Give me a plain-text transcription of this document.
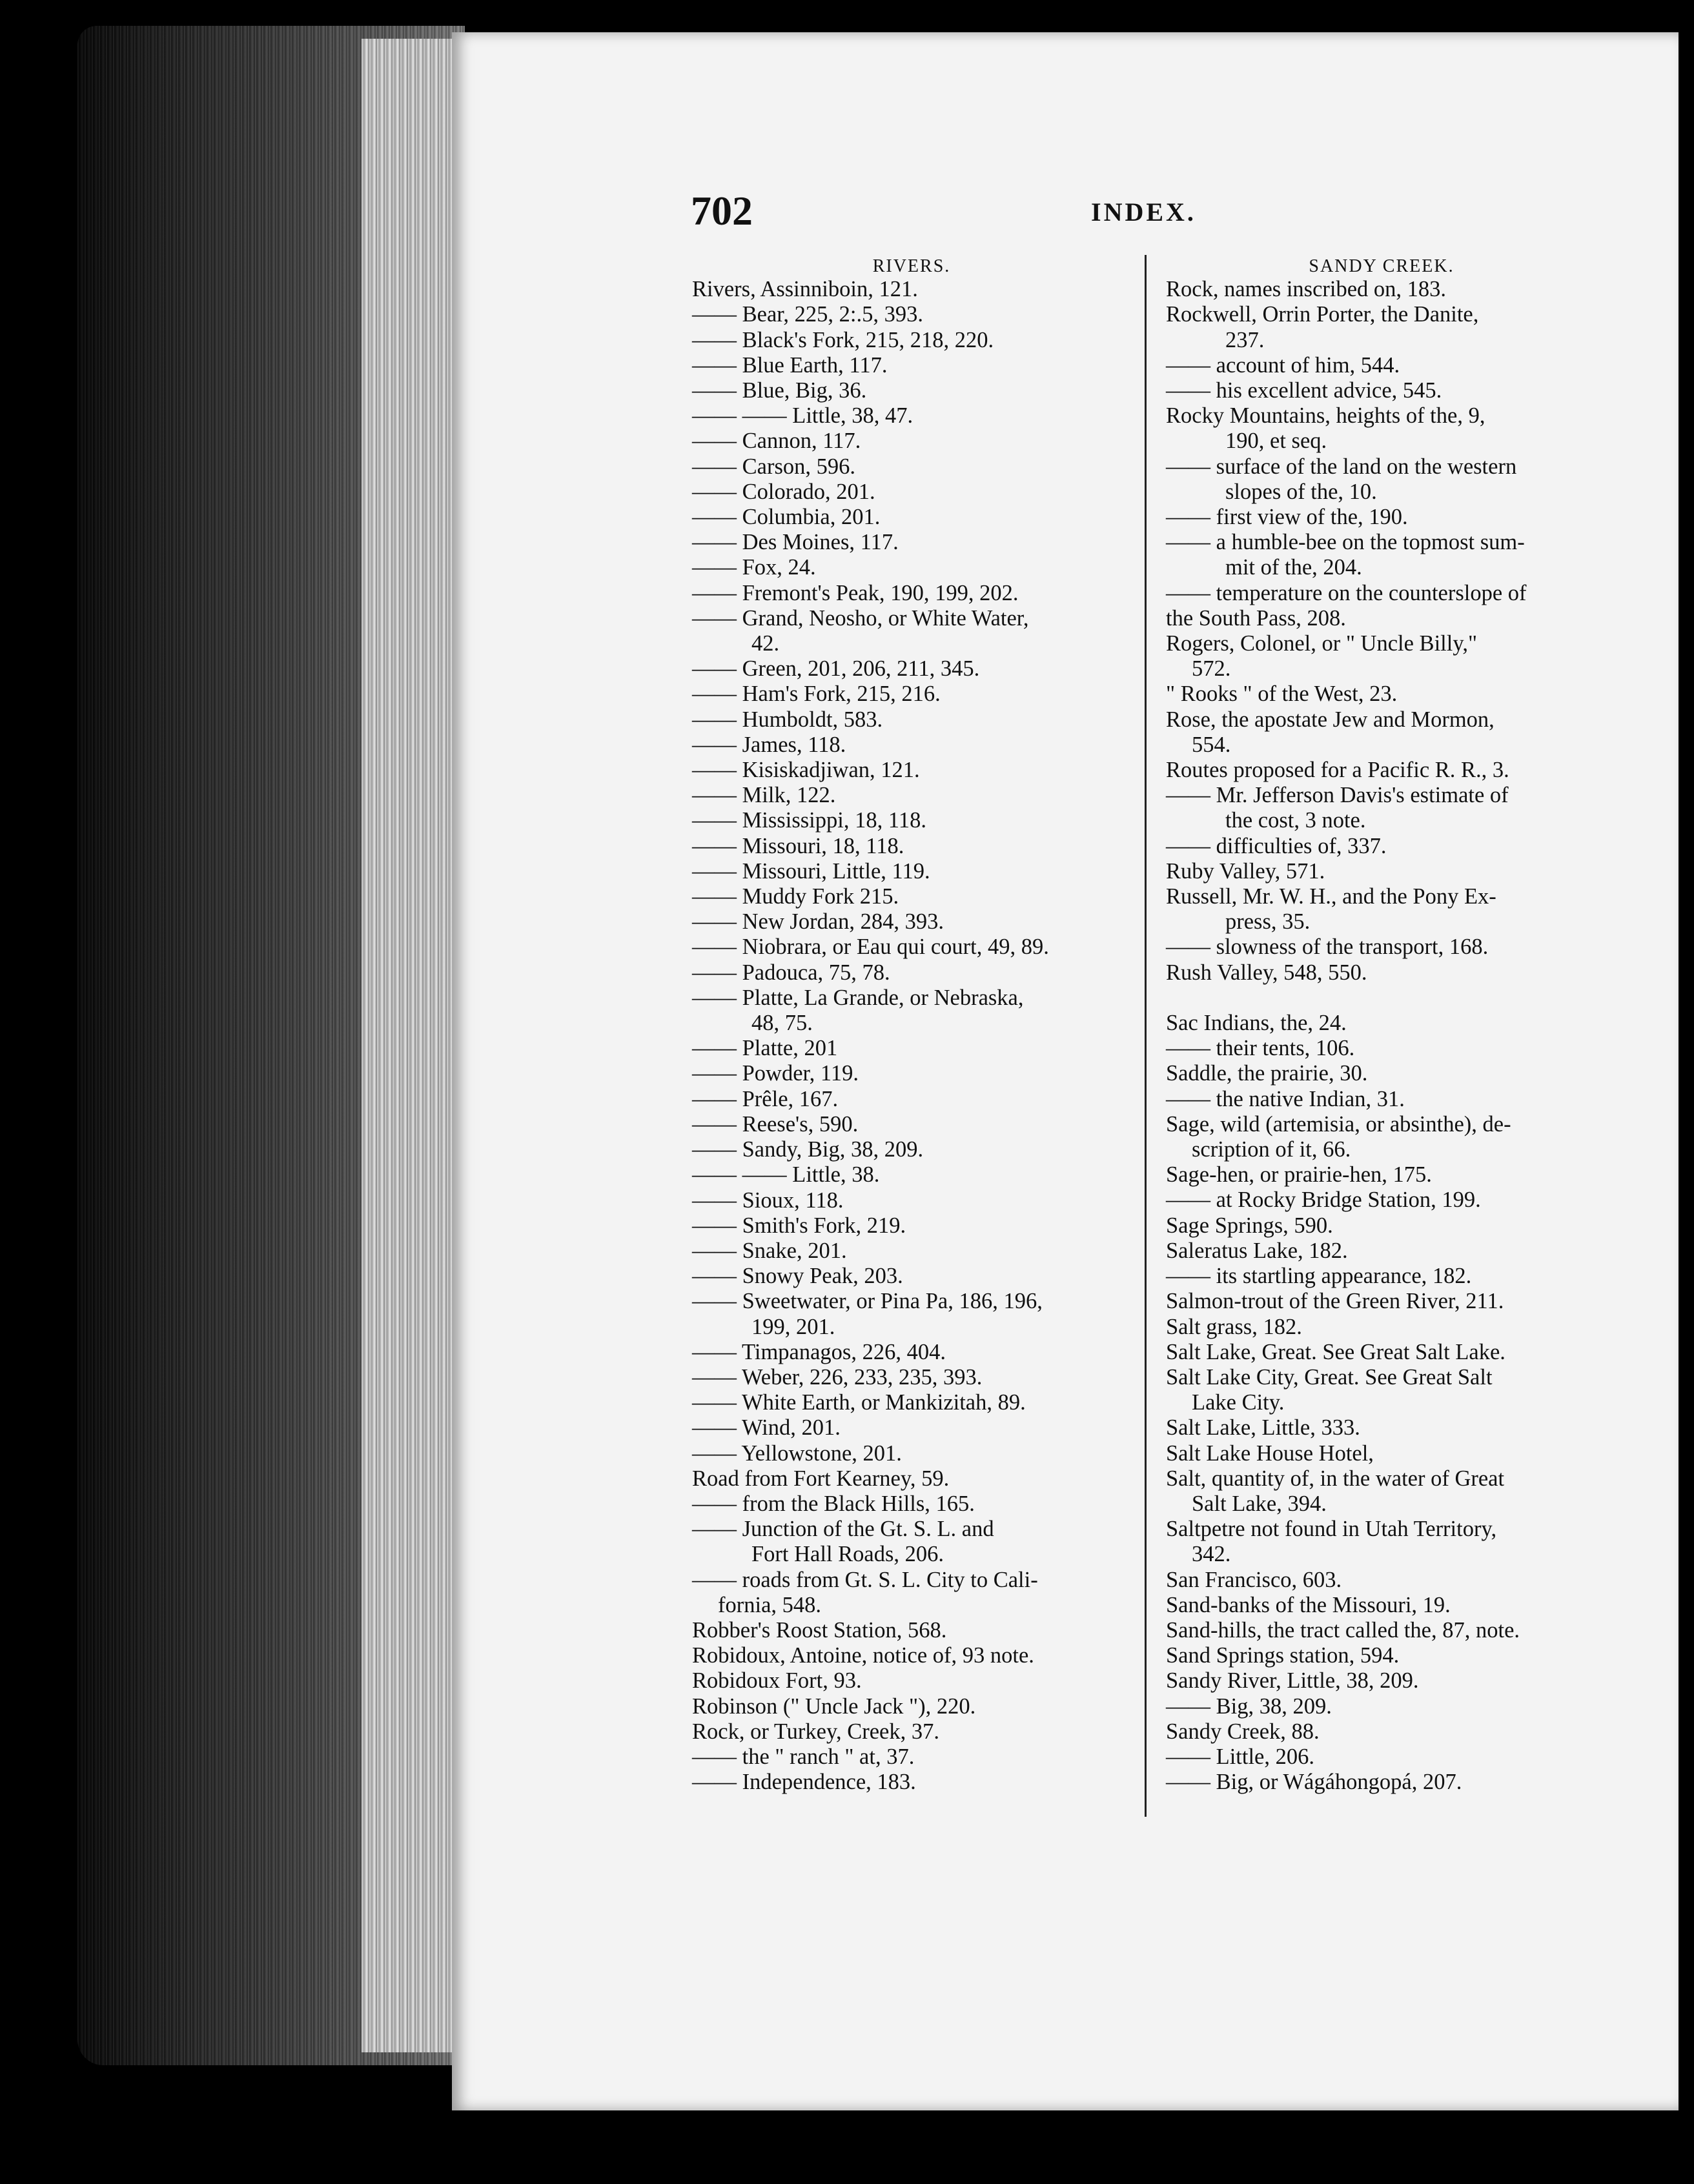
702	INDEX.
RIVERS.
Rivers, Assinniboin, 121.
—— Bear, 225, 2:.5, 393.
—— Black's Fork, 215, 218, 220.
—— Blue Earth, 117.
—— Blue, Big, 36.
—— —— Little, 38, 47.
—— Cannon, 117.
—— Carson, 596.
—— Colorado, 201.
—— Columbia, 201.
—— Des Moines, 117.
—— Fox, 24.
—— Fremont's Peak, 190, 199, 202.
—— Grand, Neosho, or White Water,
42.
—— Green, 201, 206, 211, 345.
—— Ham's Fork, 215, 216.
—— Humboldt, 583.
—— James, 118.
—— Kisiskadjiwan, 121.
—— Milk, 122.
—— Mississippi, 18, 118.
—— Missouri, 18, 118.
—— Missouri, Little, 119.
—— Muddy Fork 215.
—— New Jordan, 284, 393.
—— Niobrara, or Eau qui court, 49, 89.
—— Padouca, 75, 78.
—— Platte, La Grande, or Nebraska,
48, 75.
—— Platte, 201
—— Powder, 119.
—— Prêle, 167.
—— Reese's, 590.
—— Sandy, Big, 38, 209.
—— —— Little, 38.
—— Sioux, 118.
—— Smith's Fork, 219.
—— Snake, 201.
—— Snowy Peak, 203.
—— Sweetwater, or Pina Pa, 186, 196,
199, 201.
—— Timpanagos, 226, 404.
—— Weber, 226, 233, 235, 393.
—— White Earth, or Mankizitah, 89.
—— Wind, 201.
—— Yellowstone, 201.
Road from Fort Kearney, 59.
—— from the Black Hills, 165.
—— Junction of the Gt. S. L. and
Fort Hall Roads, 206.
—— roads from Gt. S. L. City to Cali-
fornia, 548.
Robber's Roost Station, 568.
Robidoux, Antoine, notice of, 93 note.
Robidoux Fort, 93.
Robinson (" Uncle Jack "), 220.
Rock, or Turkey, Creek, 37.
—— the " ranch " at, 37.
—— Independence, 183.
SANDY CREEK.
Rock, names inscribed on, 183.
Rockwell, Orrin Porter, the Danite,
237.
—— account of him, 544.
—— his excellent advice, 545.
Rocky Mountains, heights of the, 9,
190, et seq.
—— surface of the land on the western
slopes of the, 10.
—— first view of the, 190.
—— a humble-bee on the topmost sum-
mit of the, 204.
—— temperature on the counterslope of
the South Pass, 208.
Rogers, Colonel, or " Uncle Billy,"
572.
" Rooks " of the West, 23.
Rose, the apostate Jew and Mormon,
554.
Routes proposed for a Pacific R. R., 3.
—— Mr. Jefferson Davis's estimate of
the cost, 3 note.
—— difficulties of, 337.
Ruby Valley, 571.
Russell, Mr. W. H., and the Pony Ex-
press, 35.
—— slowness of the transport, 168.
Rush Valley, 548, 550.
Sac Indians, the, 24.
—— their tents, 106.
Saddle, the prairie, 30.
—— the native Indian, 31.
Sage, wild (artemisia, or absinthe), de-
scription of it, 66.
Sage-hen, or prairie-hen, 175.
—— at Rocky Bridge Station, 199.
Sage Springs, 590.
Saleratus Lake, 182.
—— its startling appearance, 182.
Salmon-trout of the Green River, 211.
Salt grass, 182.
Salt Lake, Great. See Great Salt Lake.
Salt Lake City, Great. See Great Salt
Lake City.
Salt Lake, Little, 333.
Salt Lake House Hotel,
Salt, quantity of, in the water of Great
Salt Lake, 394.
Saltpetre not found in Utah Territory,
342.
San Francisco, 603.
Sand-banks of the Missouri, 19.
Sand-hills, the tract called the, 87, note.
Sand Springs station, 594.
Sandy River, Little, 38, 209.
—— Big, 38, 209.
Sandy Creek, 88.
—— Little, 206.
—— Big, or Wágáhongopá, 207.
